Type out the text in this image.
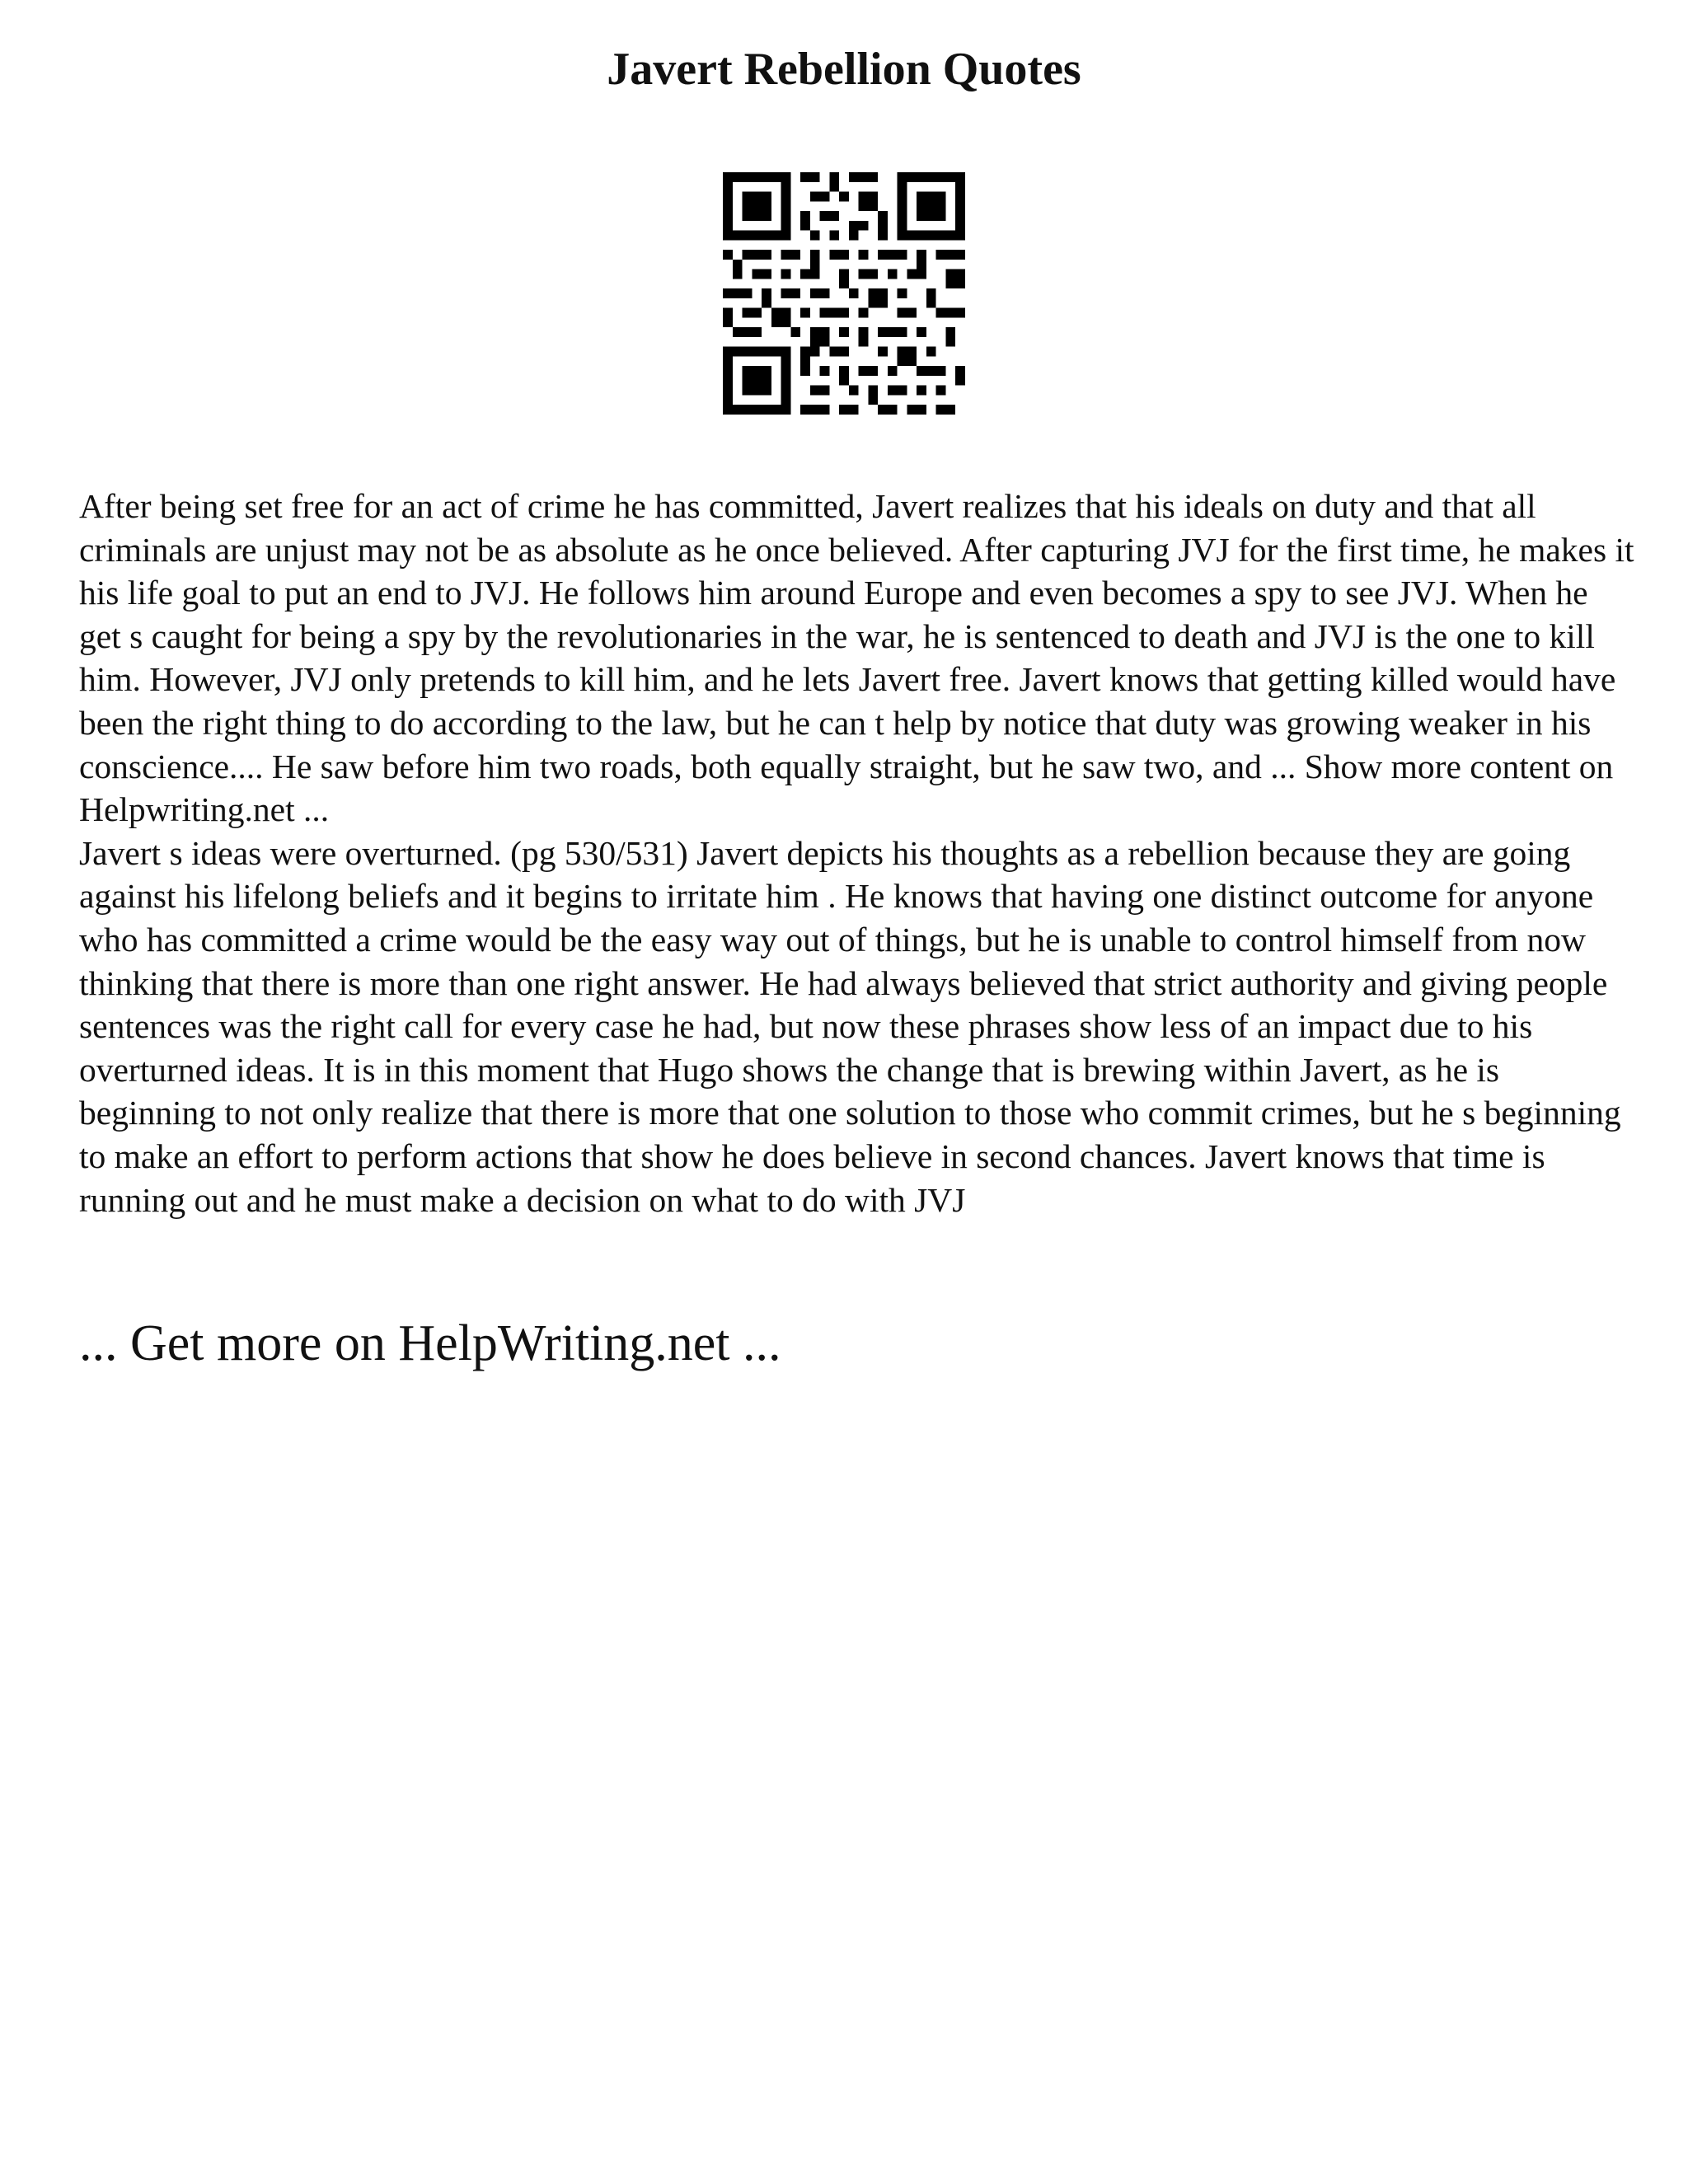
Javert Rebellion Quotes

After being set free for an act of crime he has committed, Javert realizes that his ideals on duty and that all criminals are unjust may not be as absolute as he once believed. After capturing JVJ for the first time, he makes it his life goal to put an end to JVJ. He follows him around Europe and even becomes a spy to see JVJ. When he get s caught for being a spy by the revolutionaries in the war, he is sentenced to death and JVJ is the one to kill him. However, JVJ only pretends to kill him, and he lets Javert free. Javert knows that getting killed would have been the right thing to do according to the law, but he can t help by notice that duty was growing weaker in his conscience.... He saw before him two roads, both equally straight, but he saw two, and ... Show more content on Helpwriting.net ...

Javert s ideas were overturned. (pg 530/531) Javert depicts his thoughts as a rebellion because they are going against his lifelong beliefs and it begins to irritate him . He knows that having one distinct outcome for anyone who has committed a crime would be the easy way out of things, but he is unable to control himself from now thinking that there is more than one right answer. He had always believed that strict authority and giving people sentences was the right call for every case he had, but now these phrases show less of an impact due to his overturned ideas. It is in this moment that Hugo shows the change that is brewing within Javert, as he is beginning to not only realize that there is more that one solution to those who commit crimes, but he s beginning to make an effort to perform actions that show he does believe in second chances. Javert knows that time is running out and he must make a decision on what to do with JVJ

... Get more on HelpWriting.net ...
